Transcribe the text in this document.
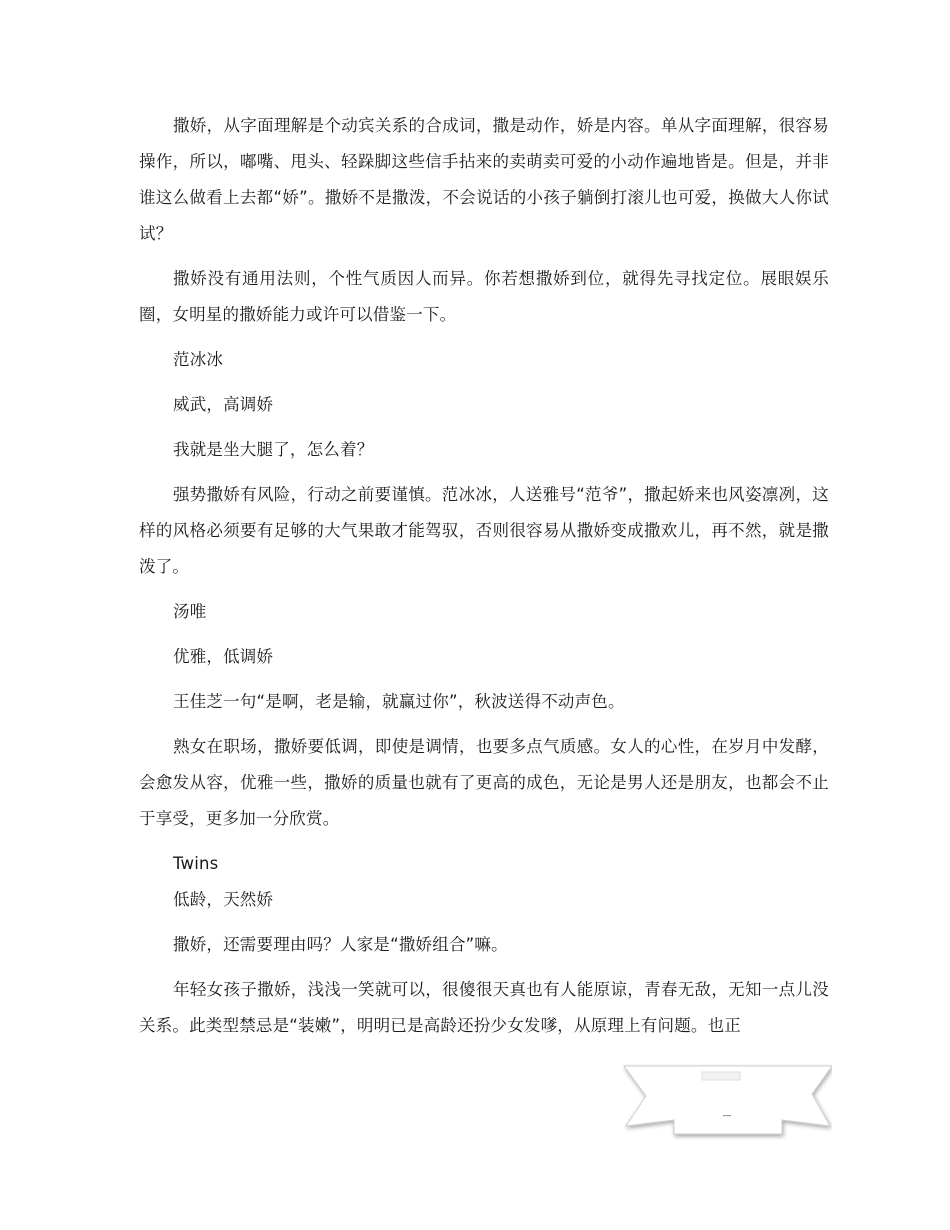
撒娇，从字面理解是个动宾关系的合成词，撒是动作，娇是内容。单从字面理解，很容易操作，所以，嘟嘴、甩头、轻跺脚这些信手拈来的卖萌卖可爱的小动作遍地皆是。但是，并非谁这么做看上去都“娇”。撒娇不是撒泼，不会说话的小孩子躺倒打滚儿也可爱，换做大人你试试？

撒娇没有通用法则，个性气质因人而异。你若想撒娇到位，就得先寻找定位。展眼娱乐圈，女明星的撒娇能力或许可以借鉴一下。

范冰冰

威武，高调娇

我就是坐大腿了，怎么着？

强势撒娇有风险，行动之前要谨慎。范冰冰，人送雅号“范爷”，撒起娇来也风姿凛冽，这样的风格必须要有足够的大气果敢才能驾驭，否则很容易从撒娇变成撒欢儿，再不然，就是撒泼了。

汤唯

优雅，低调娇

王佳芝一句“是啊，老是输，就赢过你”，秋波送得不动声色。

熟女在职场，撒娇要低调，即使是调情，也要多点气质感。女人的心性，在岁月中发酵，会愈发从容，优雅一些，撒娇的质量也就有了更高的成色，无论是男人还是朋友，也都会不止于享受，更多加一分欣赏。

Twins

低龄，天然娇

撒娇，还需要理由吗？人家是“撒娇组合”嘛。

年轻女孩子撒娇，浅浅一笑就可以，很傻很天真也有人能原谅，青春无敌，无知一点儿没关系。此类型禁忌是“装嫩”，明明已是高龄还扮少女发嗲，从原理上有问题。也正

—
